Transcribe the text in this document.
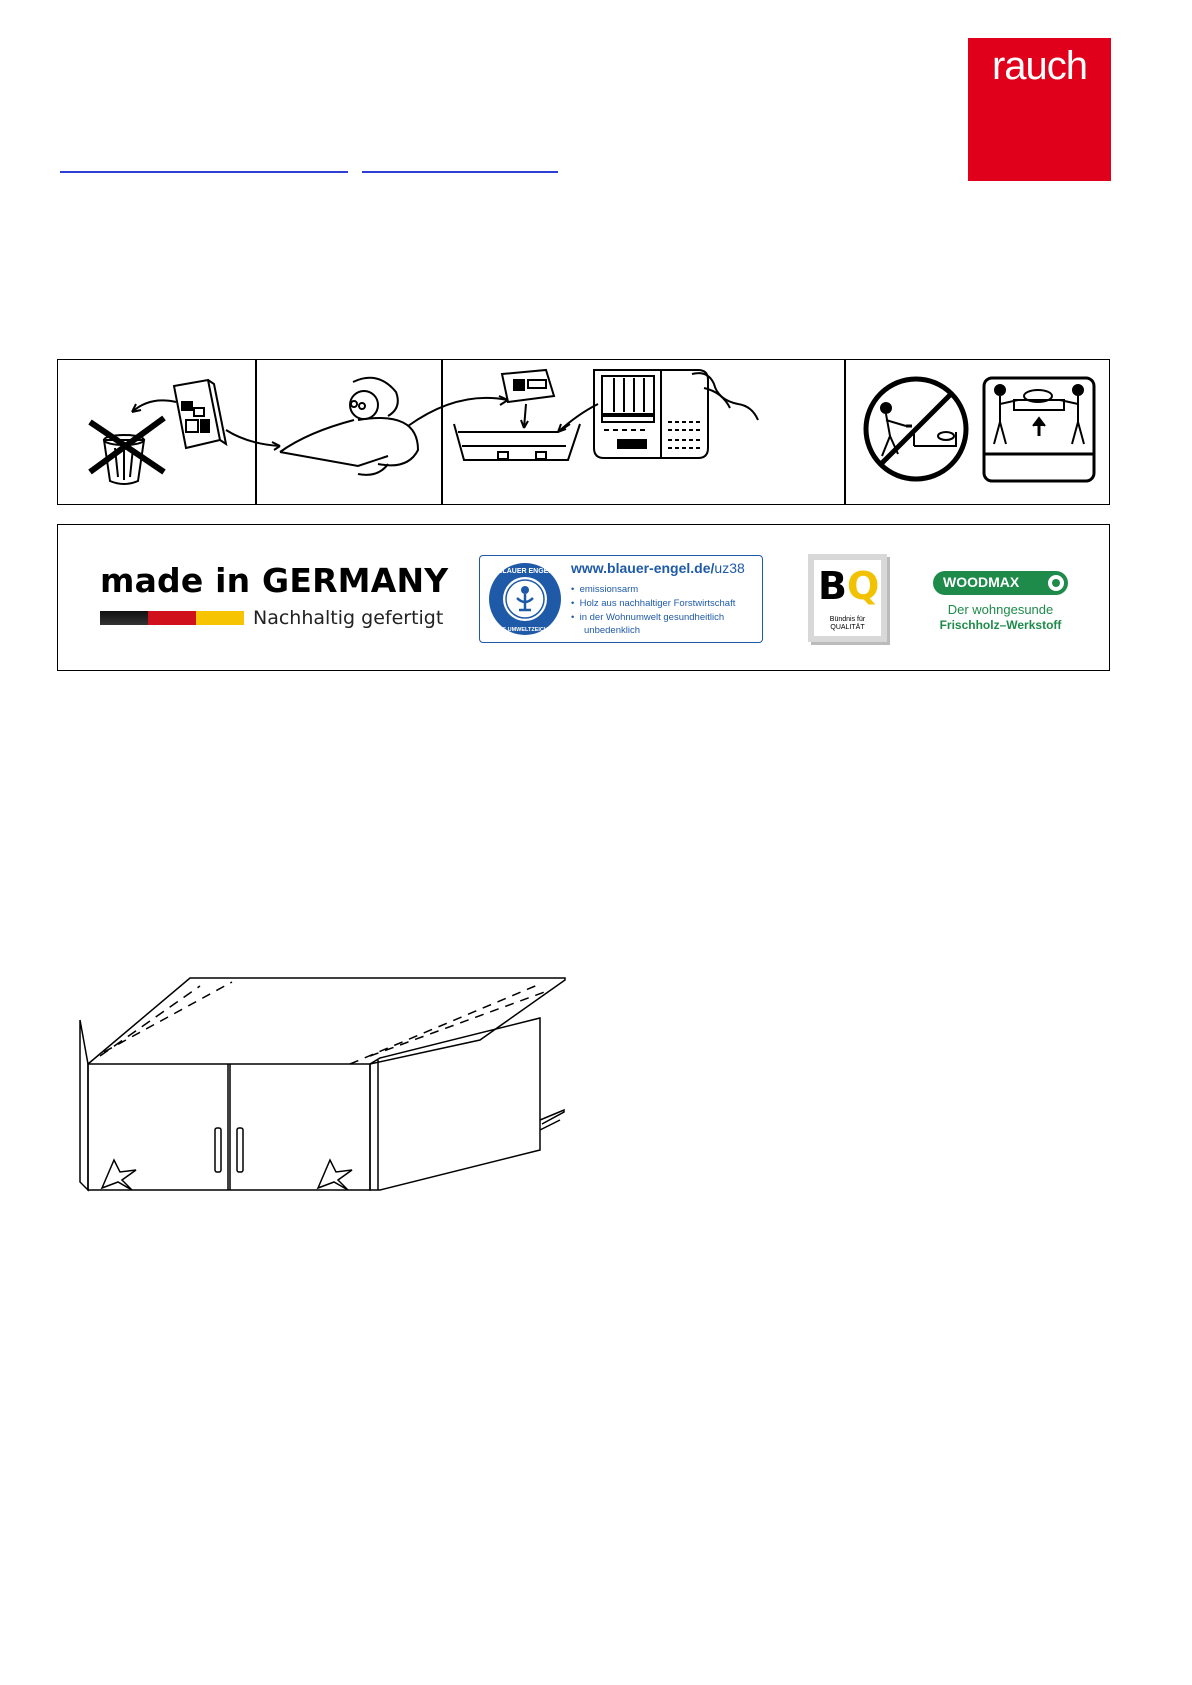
rauch
made in GERMANY
Nachhaltig gefertigt
BLAUER ENGEL
DAS UMWELTZEICHEN
www.blauer-engel.de/uz38
•  emissionsarm
•  Holz aus nachhaltiger Forstwirtschaft
•  in der Wohnumwelt gesundheitlich
unbedenklich
BQ
Bündnis für
QUALITÄT
WOODMAX
Der wohngesunde
Frischholz–Werkstoff
